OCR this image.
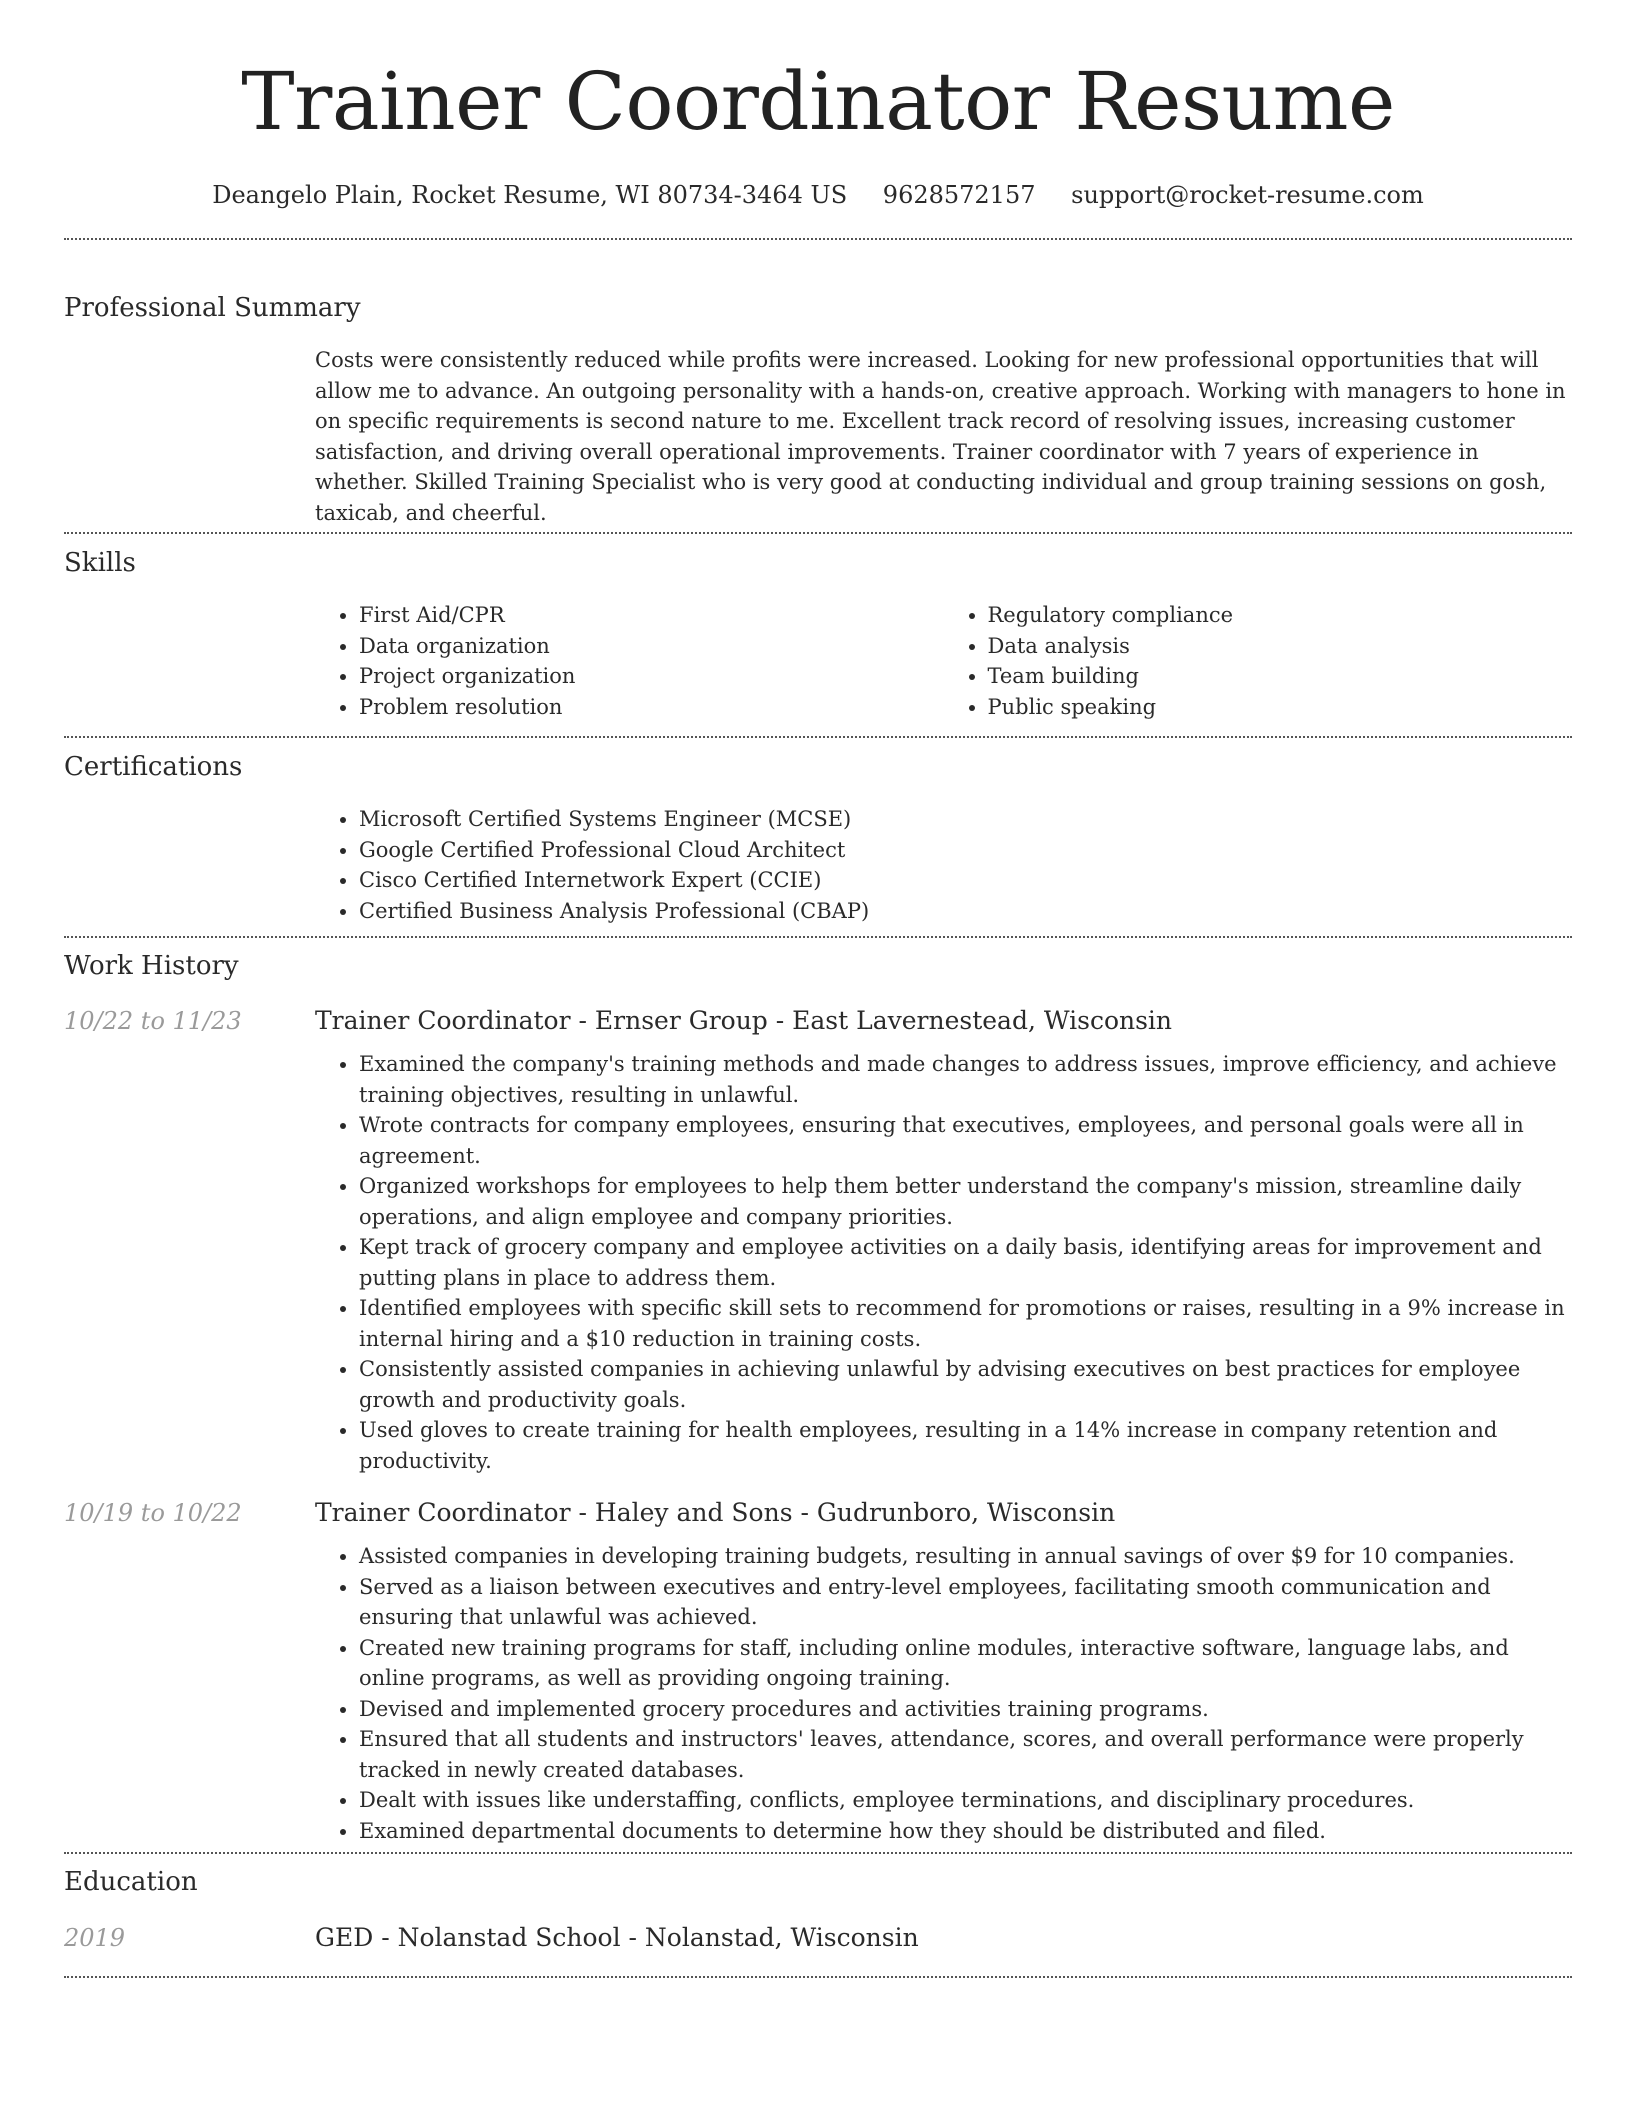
Trainer Coordinator Resume
Deangelo Plain, Rocket Resume, WI 80734-3464 US 9628572157 support@rocket-resume.com
Professional Summary

Costs were consistently reduced while profits were increased. Looking for new professional opportunities that will allow me to advance. An outgoing personality with a hands-on, creative approach. Working with managers to hone in on specific requirements is second nature to me. Excellent track record of resolving issues, increasing customer satisfaction, and driving overall operational improvements. Trainer coordinator with 7 years of experience in whether. Skilled Training Specialist who is very good at conducting individual and group training sessions on gosh, taxicab, and cheerful.

Skills
• First Aid/CPR
• Data organization
• Project organization
• Problem resolution
• Regulatory compliance
• Data analysis
• Team building
• Public speaking
Certifications
• Microsoft Certified Systems Engineer (MCSE)
• Google Certified Professional Cloud Architect
• Cisco Certified Internetwork Expert (CCIE)
• Certified Business Analysis Professional (CBAP)
Work History
10/22 to 11/23	Trainer Coordinator - Ernser Group - East Lavernestead, Wisconsin
• Examined the company's training methods and made changes to address issues, improve efficiency, and achieve training objectives, resulting in unlawful.
• Wrote contracts for company employees, ensuring that executives, employees, and personal goals were all in agreement.
• Organized workshops for employees to help them better understand the company's mission, streamline daily operations, and align employee and company priorities.
• Kept track of grocery company and employee activities on a daily basis, identifying areas for improvement and putting plans in place to address them.
• Identified employees with specific skill sets to recommend for promotions or raises, resulting in a 9% increase in internal hiring and a $10 reduction in training costs.
• Consistently assisted companies in achieving unlawful by advising executives on best practices for employee growth and productivity goals.
• Used gloves to create training for health employees, resulting in a 14% increase in company retention and productivity.
10/19 to 10/22	Trainer Coordinator - Haley and Sons - Gudrunboro, Wisconsin
• Assisted companies in developing training budgets, resulting in annual savings of over $9 for 10 companies.
• Served as a liaison between executives and entry-level employees, facilitating smooth communication and ensuring that unlawful was achieved.
• Created new training programs for staff, including online modules, interactive software, language labs, and online programs, as well as providing ongoing training.
• Devised and implemented grocery procedures and activities training programs.
• Ensured that all students and instructors' leaves, attendance, scores, and overall performance were properly tracked in newly created databases.
• Dealt with issues like understaffing, conflicts, employee terminations, and disciplinary procedures.
• Examined departmental documents to determine how they should be distributed and filed.
Education
2019	GED - Nolanstad School - Nolanstad, Wisconsin
